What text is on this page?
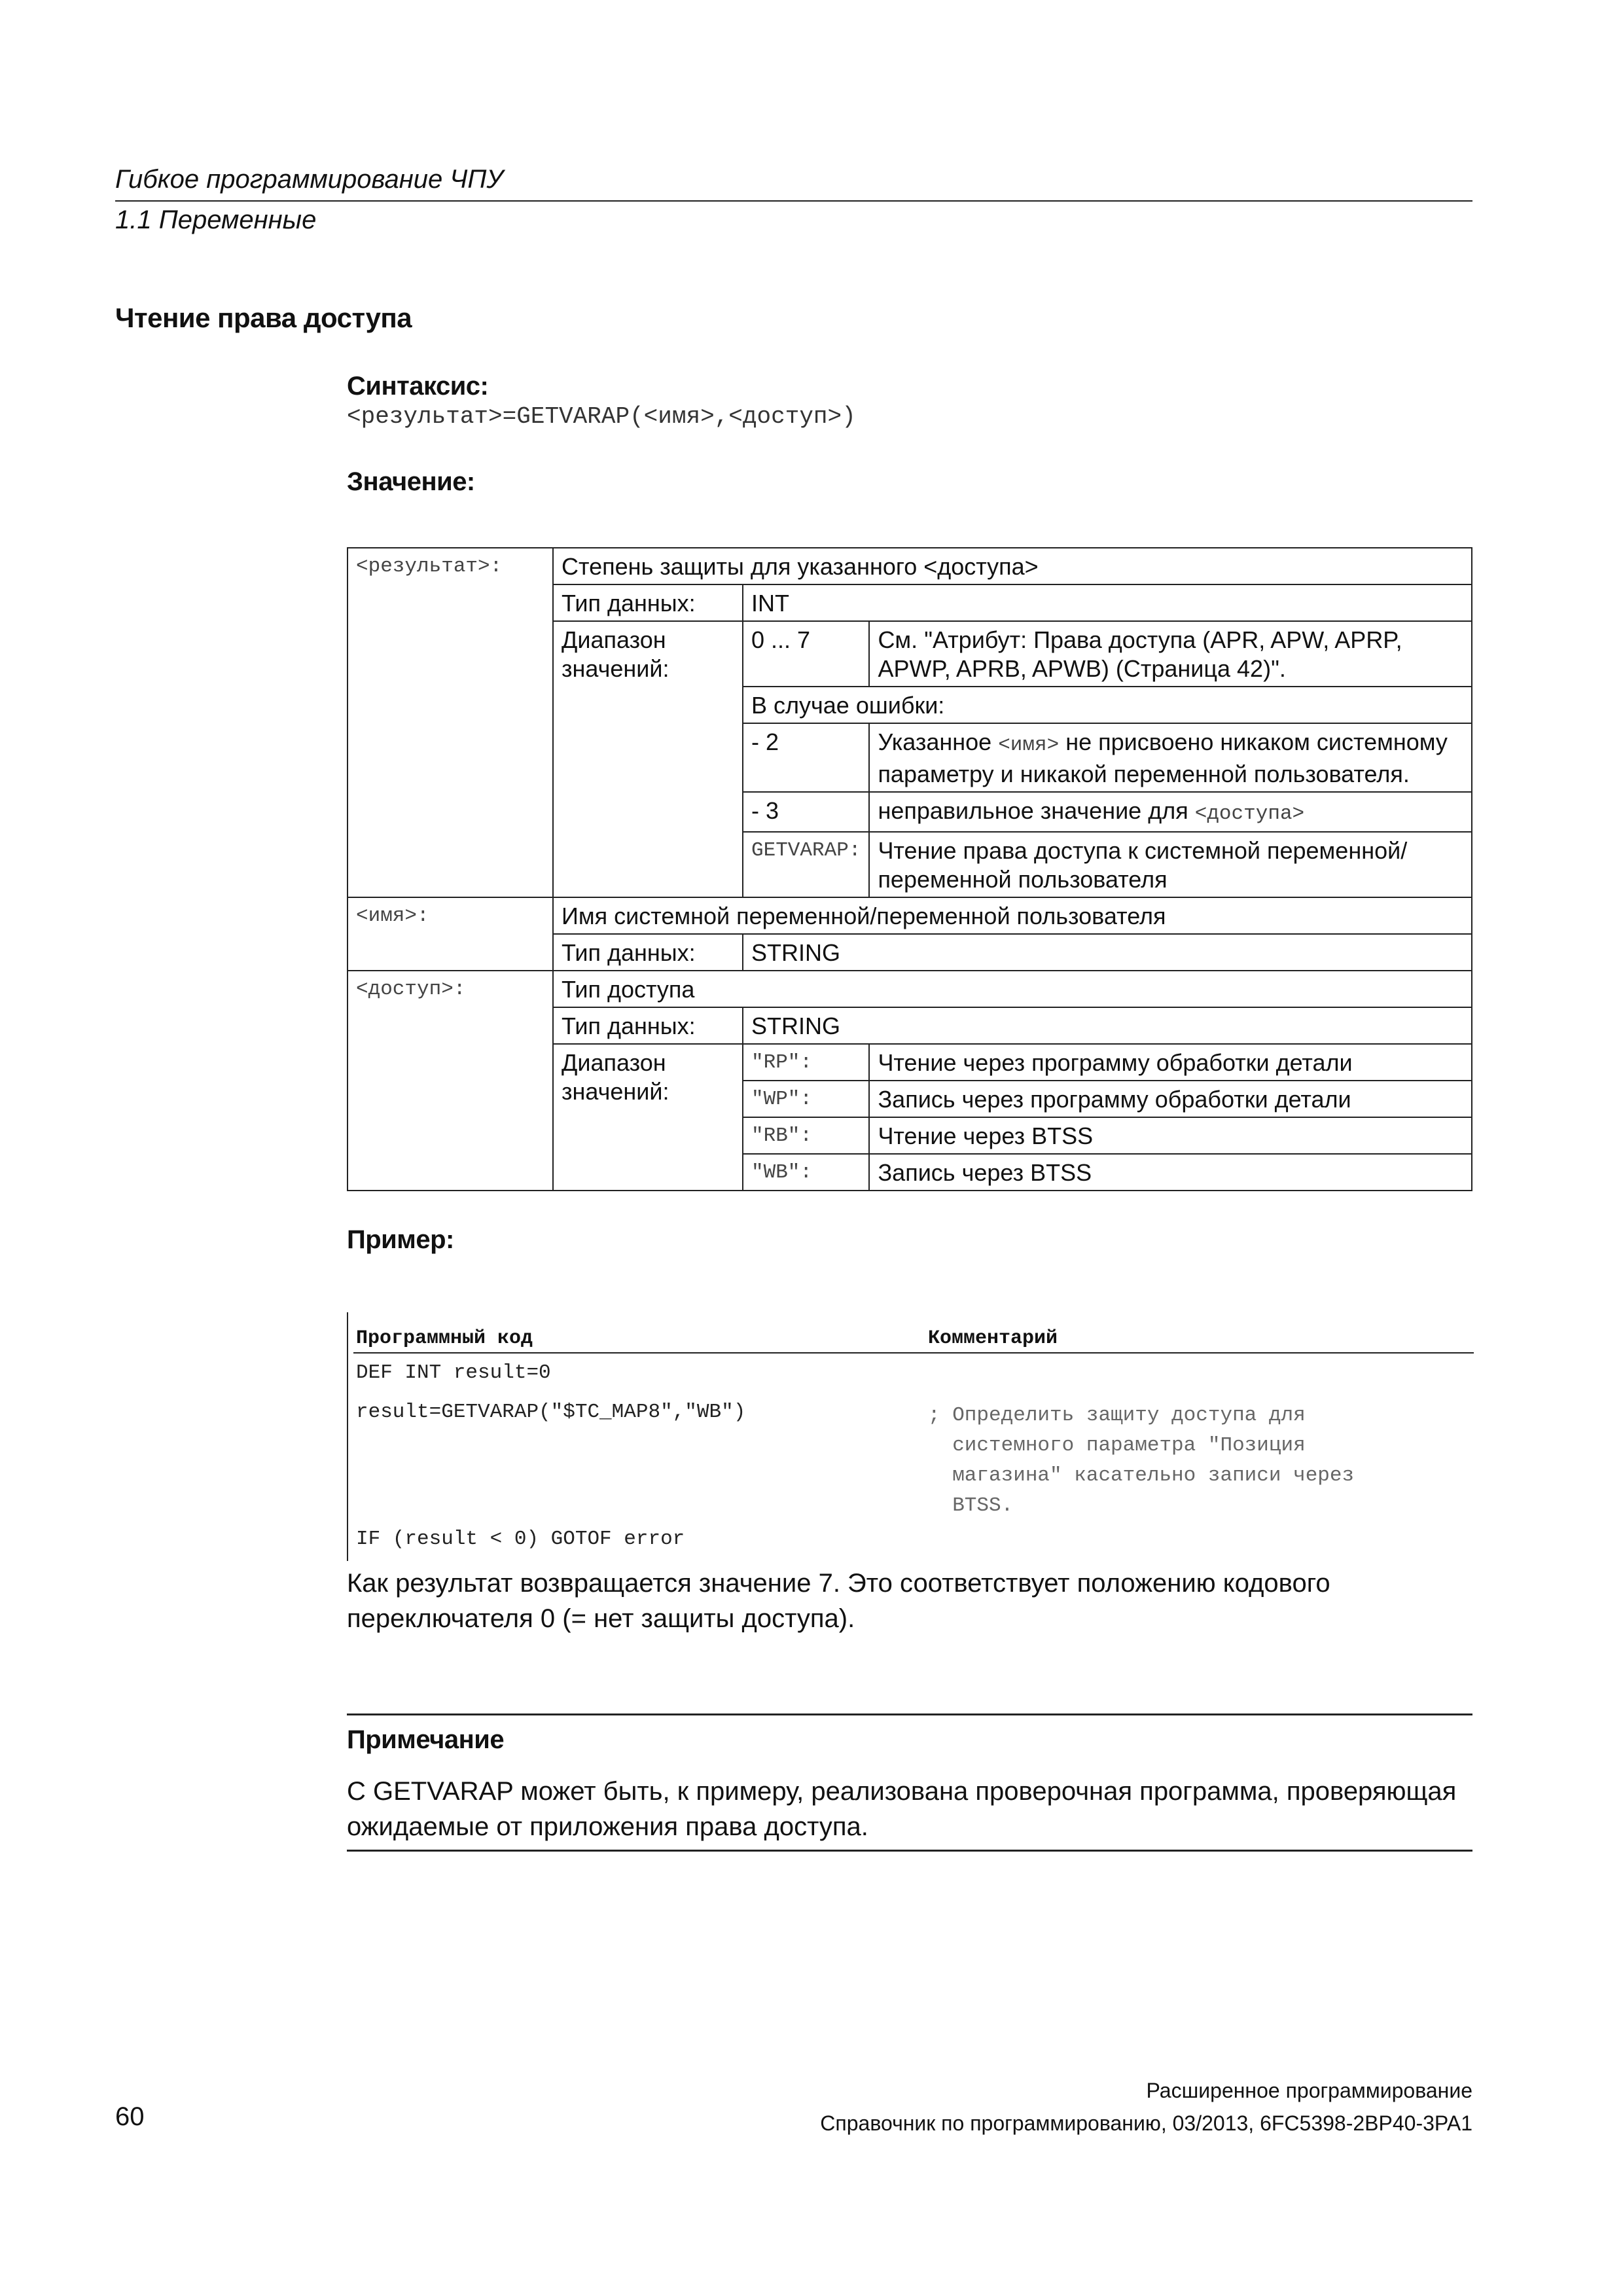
Гибкое программирование ЧПУ
1.1 Переменные
Чтение права доступа
Синтаксис:
<результат>=GETVARAP(<имя>,<доступ>)
Значение:
<результат>:	Степень защиты для указанного <доступа>		
	Тип данных:	INT	
	Диапазон значений:	0 ... 7	См. "Атрибут: Права доступа (APR, APW, APRP, APWP, APRB, APWB) (Страница 42)".
		В случае ошибки:	
		- 2	Указанное <имя> не присвоено никаком системному параметру и никакой переменной пользователя.
		- 3	неправильное значение для <доступа>
		GETVARAP:	Чтение права доступа к системной переменной/переменной пользователя
<имя>:	Имя системной переменной/переменной пользователя		
	Тип данных:	STRING	
<доступ>:	Тип доступа		
	Тип данных:	STRING	
	Диапазон значений:	"RP":	Чтение через программу обработки детали
		"WP":	Запись через программу обработки детали
		"RB":	Чтение через BTSS
		"WB":	Запись через BTSS
Пример:
Программный код	Комментарий
DEF INT result=0
result=GETVARAP("$TC_MAP8","WB")	; Определить защиту доступа для
системного параметра "Позиция
магазина" касательно записи через
BTSS.
IF (result < 0) GOTOF error
Как результат возвращается значение 7. Это соответствует положению кодового переключателя 0 (= нет защиты доступа).
Примечание
С GETVARAP может быть, к примеру, реализована проверочная программа, проверяющая ожидаемые от приложения права доступа.
Расширенное программирование
Справочник по программированию, 03/2013, 6FC5398-2BP40-3PA1
60
